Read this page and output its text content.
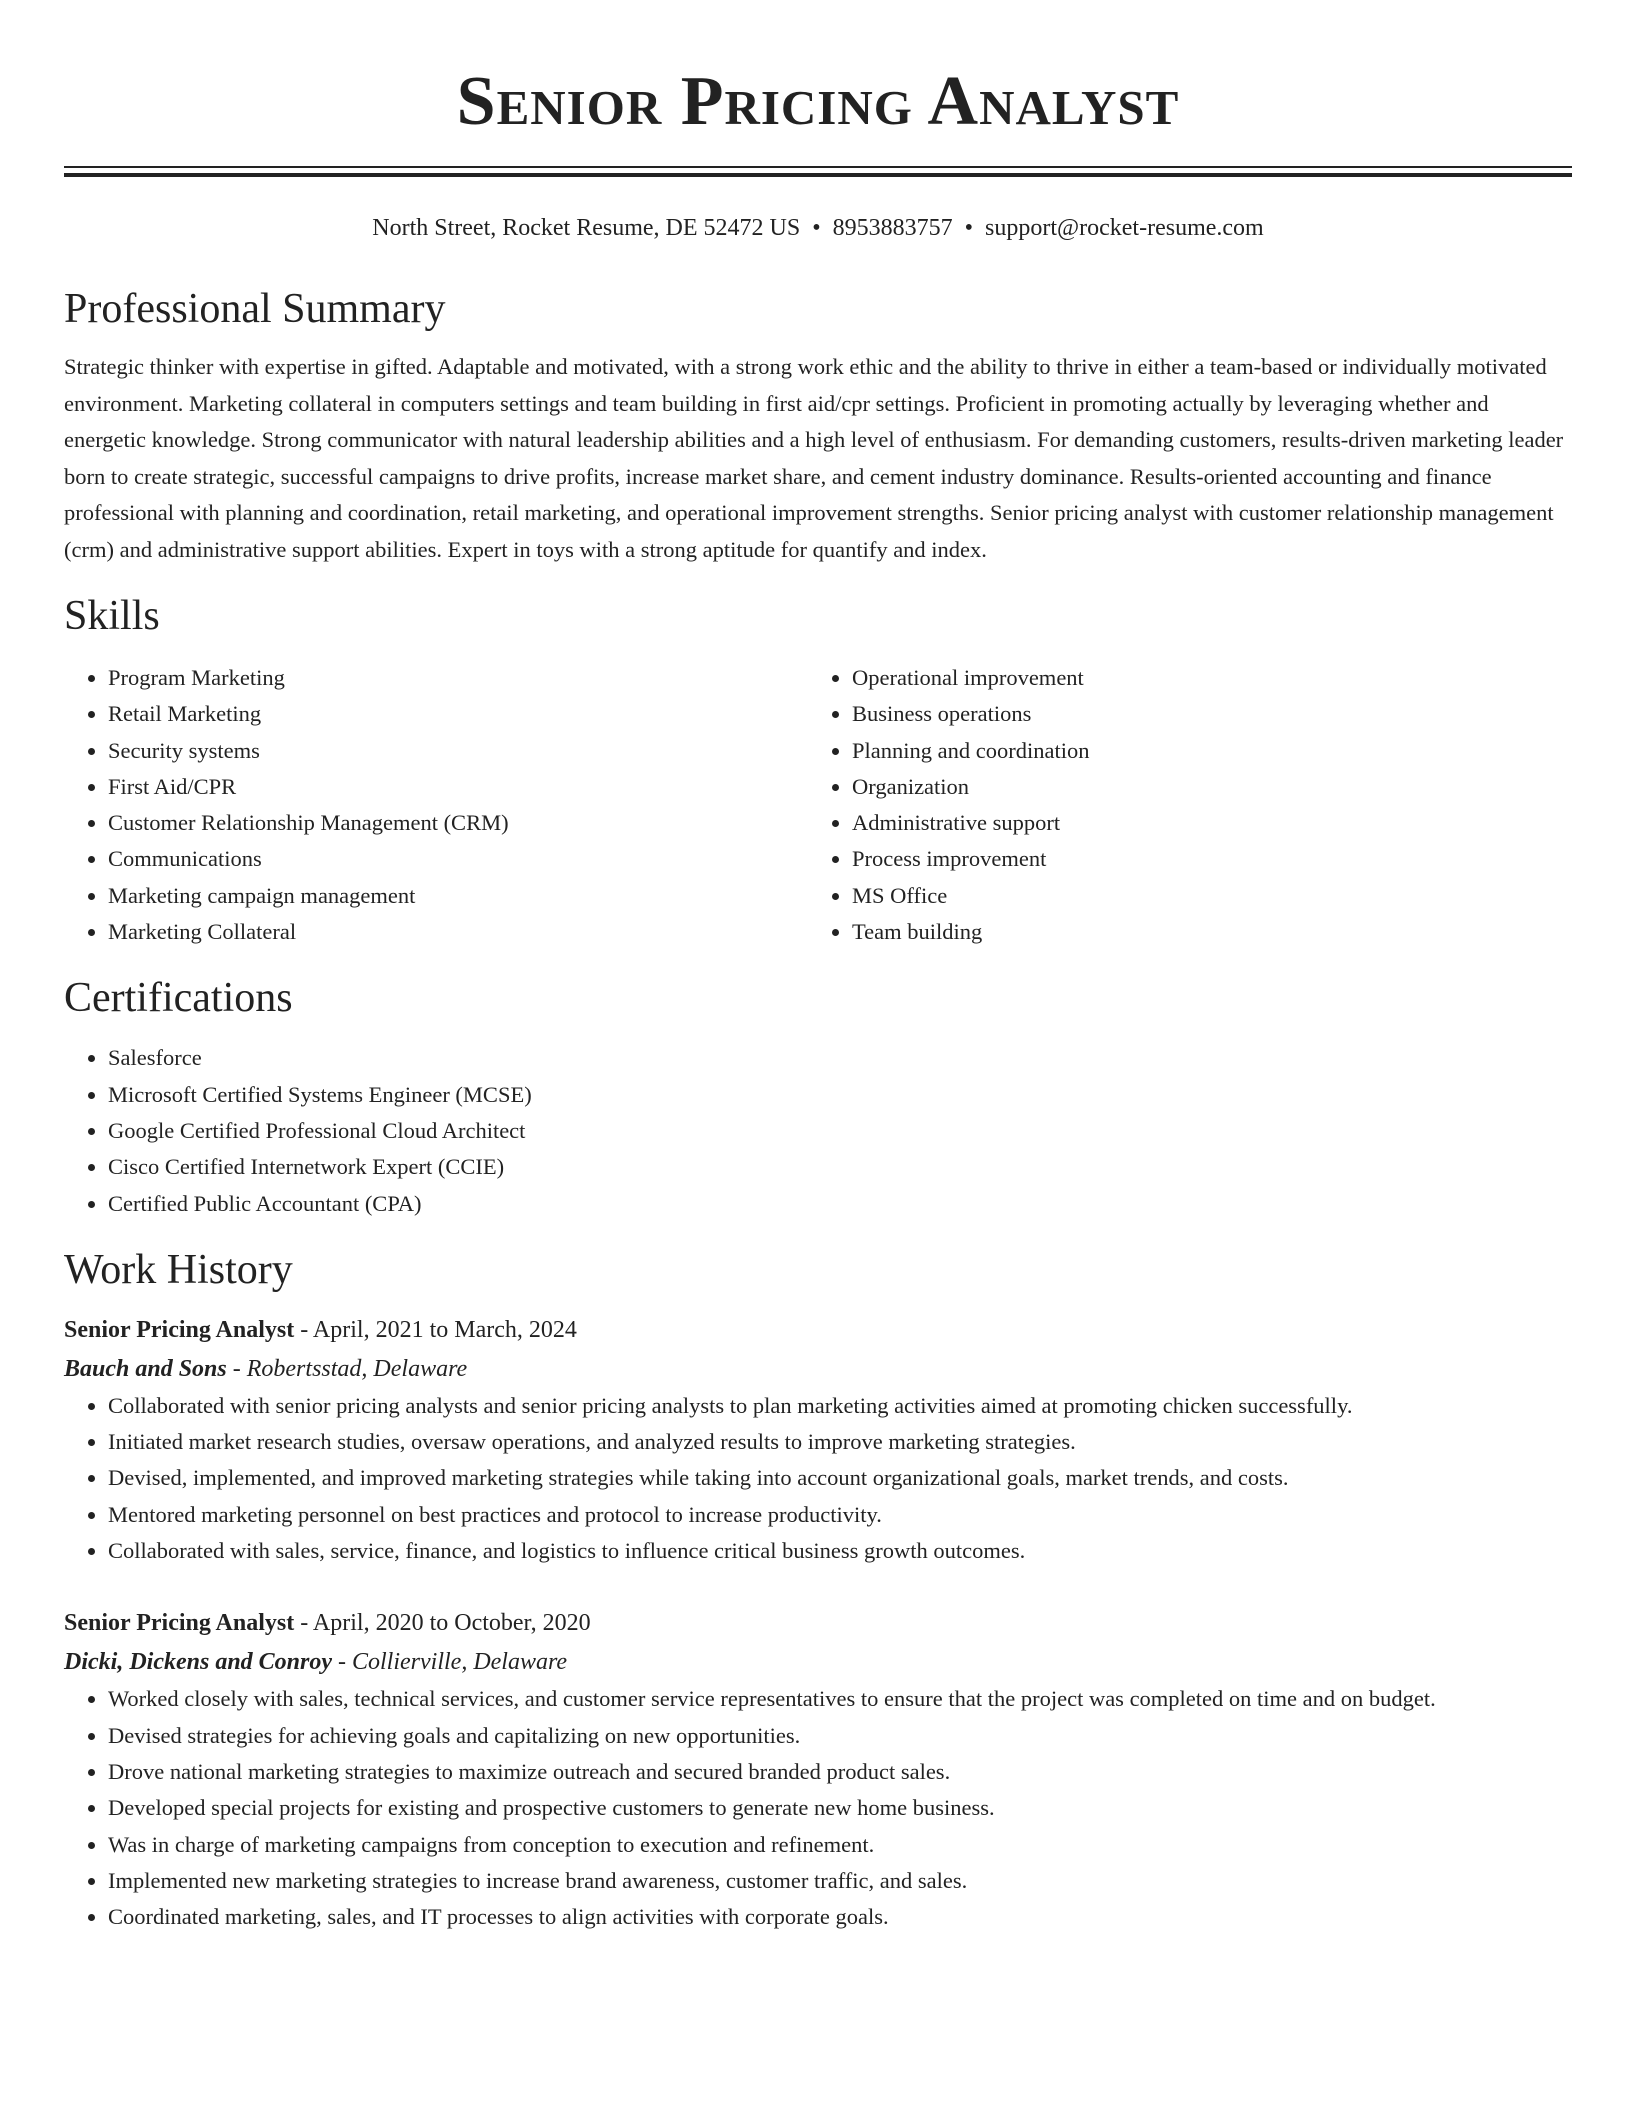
Senior Pricing Analyst
North Street, Rocket Resume, DE 52472 US • 8953883757 • support@rocket-resume.com
Professional Summary

Strategic thinker with expertise in gifted. Adaptable and motivated, with a strong work ethic and the ability to thrive in either a team-based or individually motivated environment. Marketing collateral in computers settings and team building in first aid/cpr settings. Proficient in promoting actually by leveraging whether and energetic knowledge. Strong communicator with natural leadership abilities and a high level of enthusiasm. For demanding customers, results-driven marketing leader born to create strategic, successful campaigns to drive profits, increase market share, and cement industry dominance. Results-oriented accounting and finance professional with planning and coordination, retail marketing, and operational improvement strengths. Senior pricing analyst with customer relationship management (crm) and administrative support abilities. Expert in toys with a strong aptitude for quantify and index.

Skills
• Program Marketing
• Retail Marketing
• Security systems
• First Aid/CPR
• Customer Relationship Management (CRM)
• Communications
• Marketing campaign management
• Marketing Collateral
• Operational improvement
• Business operations
• Planning and coordination
• Organization
• Administrative support
• Process improvement
• MS Office
• Team building
Certifications
• Salesforce
• Microsoft Certified Systems Engineer (MCSE)
• Google Certified Professional Cloud Architect
• Cisco Certified Internetwork Expert (CCIE)
• Certified Public Accountant (CPA)
Work History
Senior Pricing Analyst - April, 2021 to March, 2024
Bauch and Sons - Robertsstad, Delaware
• Collaborated with senior pricing analysts and senior pricing analysts to plan marketing activities aimed at promoting chicken successfully.
• Initiated market research studies, oversaw operations, and analyzed results to improve marketing strategies.
• Devised, implemented, and improved marketing strategies while taking into account organizational goals, market trends, and costs.
• Mentored marketing personnel on best practices and protocol to increase productivity.
• Collaborated with sales, service, finance, and logistics to influence critical business growth outcomes.
Senior Pricing Analyst - April, 2020 to October, 2020
Dicki, Dickens and Conroy - Collierville, Delaware
• Worked closely with sales, technical services, and customer service representatives to ensure that the project was completed on time and on budget.
• Devised strategies for achieving goals and capitalizing on new opportunities.
• Drove national marketing strategies to maximize outreach and secured branded product sales.
• Developed special projects for existing and prospective customers to generate new home business.
• Was in charge of marketing campaigns from conception to execution and refinement.
• Implemented new marketing strategies to increase brand awareness, customer traffic, and sales.
• Coordinated marketing, sales, and IT processes to align activities with corporate goals.
